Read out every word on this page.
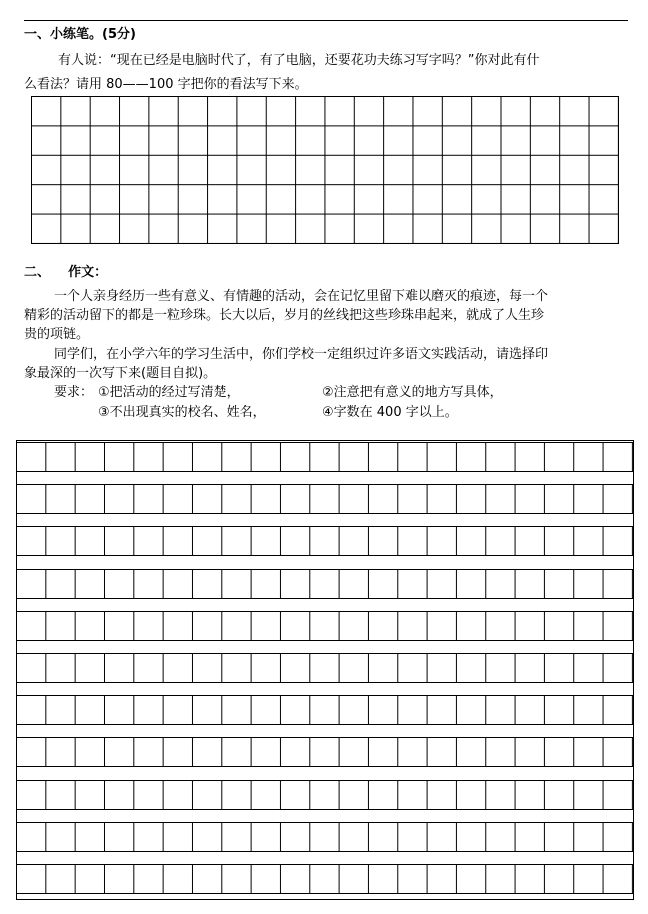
一、小练笔。(5分)
有人说：“现在已经是电脑时代了，有了电脑，还要花功夫练习写字吗？”你对此有什
么看法？请用 80——100 字把你的看法写下来。
二、    作文：
一个人亲身经历一些有意义、有情趣的活动，会在记忆里留下难以磨灭的痕迹，每一个
精彩的活动留下的都是一粒珍珠。长大以后，岁月的丝线把这些珍珠串起来，就成了人生珍
贵的项链。
同学们，在小学六年的学习生活中，你们学校一定组织过许多语文实践活动，请选择印
象最深的一次写下来(题目自拟)。
要求： ①把活动的经过写清楚，	②注意把有意义的地方写具体，
③不出现真实的校名、姓名，	④字数在 400 字以上。
